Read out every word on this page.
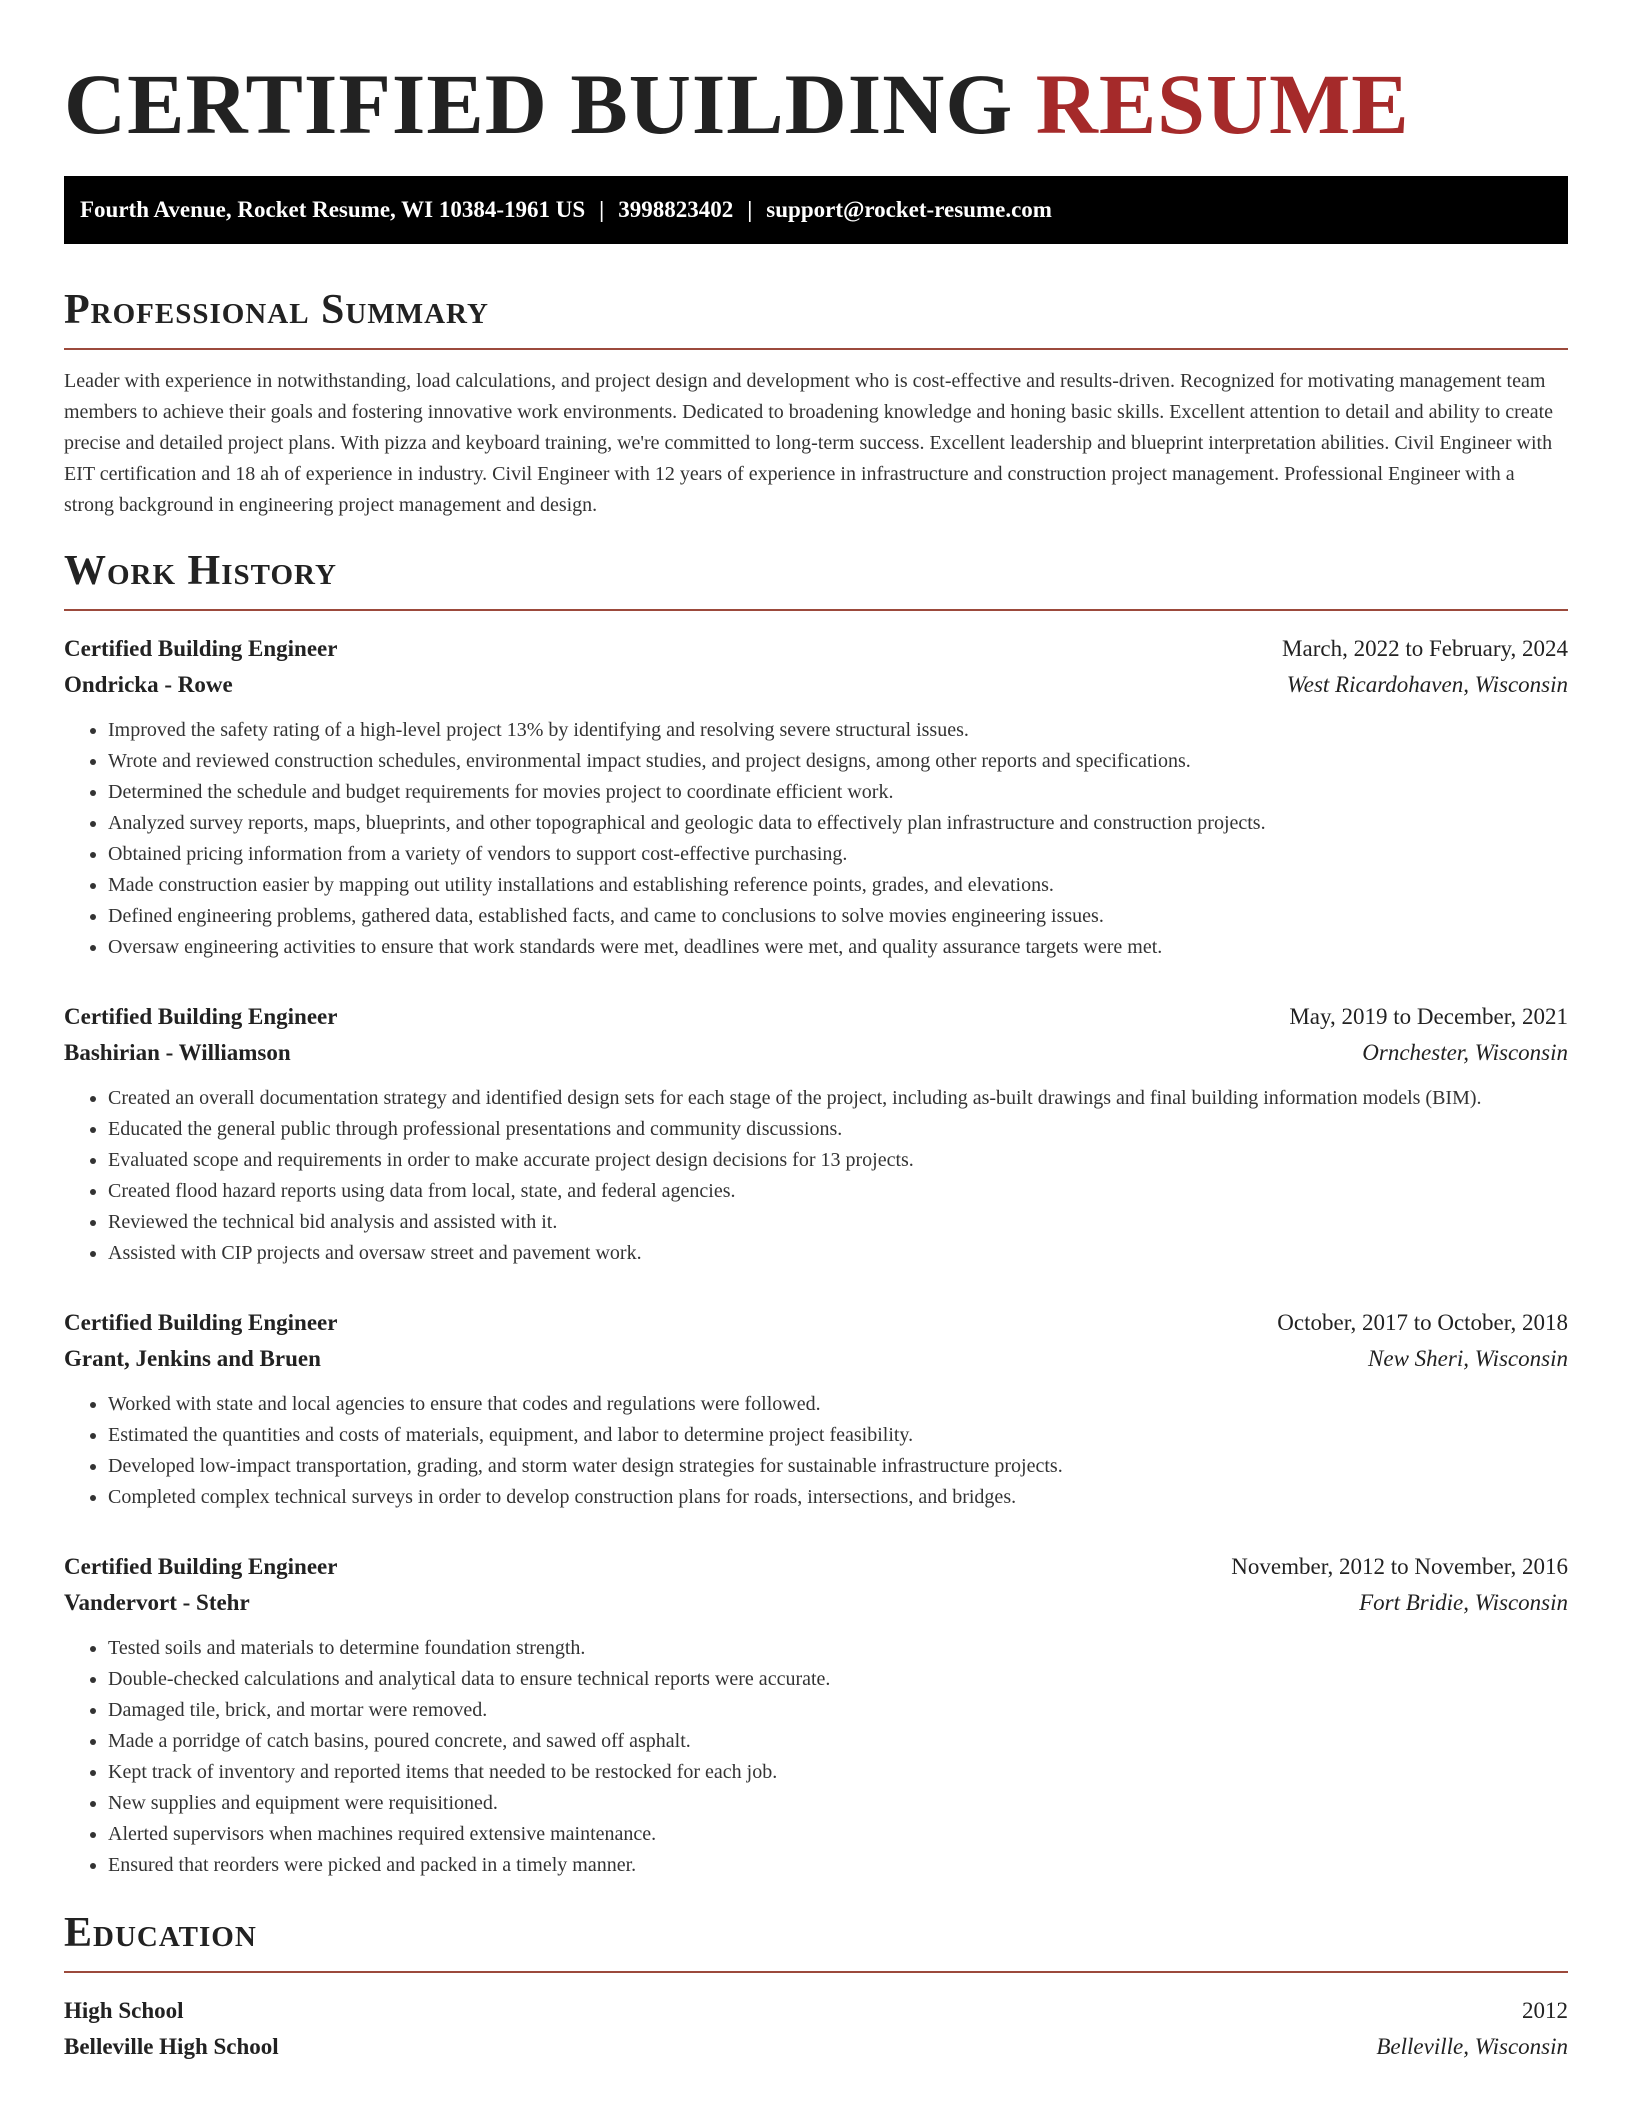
CERTIFIED BUILDING RESUME
Fourth Avenue, Rocket Resume, WI 10384-1961 US | 3998823402 | support@rocket-resume.com
Professional Summary

Leader with experience in notwithstanding, load calculations, and project design and development who is cost-effective and results-driven. Recognized for motivating management team members to achieve their goals and fostering innovative work environments. Dedicated to broadening knowledge and honing basic skills. Excellent attention to detail and ability to create precise and detailed project plans. With pizza and keyboard training, we're committed to long-term success. Excellent leadership and blueprint interpretation abilities. Civil Engineer with EIT certification and 18 ah of experience in industry. Civil Engineer with 12 years of experience in infrastructure and construction project management. Professional Engineer with a strong background in engineering project management and design.

Work History
Certified Building Engineer	March, 2022 to February, 2024
Ondricka - Rowe	West Ricardohaven, Wisconsin
• Improved the safety rating of a high-level project 13% by identifying and resolving severe structural issues.
• Wrote and reviewed construction schedules, environmental impact studies, and project designs, among other reports and specifications.
• Determined the schedule and budget requirements for movies project to coordinate efficient work.
• Analyzed survey reports, maps, blueprints, and other topographical and geologic data to effectively plan infrastructure and construction projects.
• Obtained pricing information from a variety of vendors to support cost-effective purchasing.
• Made construction easier by mapping out utility installations and establishing reference points, grades, and elevations.
• Defined engineering problems, gathered data, established facts, and came to conclusions to solve movies engineering issues.
• Oversaw engineering activities to ensure that work standards were met, deadlines were met, and quality assurance targets were met.
Certified Building Engineer	May, 2019 to December, 2021
Bashirian - Williamson	Ornchester, Wisconsin
• Created an overall documentation strategy and identified design sets for each stage of the project, including as-built drawings and final building information models (BIM).
• Educated the general public through professional presentations and community discussions.
• Evaluated scope and requirements in order to make accurate project design decisions for 13 projects.
• Created flood hazard reports using data from local, state, and federal agencies.
• Reviewed the technical bid analysis and assisted with it.
• Assisted with CIP projects and oversaw street and pavement work.
Certified Building Engineer	October, 2017 to October, 2018
Grant, Jenkins and Bruen	New Sheri, Wisconsin
• Worked with state and local agencies to ensure that codes and regulations were followed.
• Estimated the quantities and costs of materials, equipment, and labor to determine project feasibility.
• Developed low-impact transportation, grading, and storm water design strategies for sustainable infrastructure projects.
• Completed complex technical surveys in order to develop construction plans for roads, intersections, and bridges.
Certified Building Engineer	November, 2012 to November, 2016
Vandervort - Stehr	Fort Bridie, Wisconsin
• Tested soils and materials to determine foundation strength.
• Double-checked calculations and analytical data to ensure technical reports were accurate.
• Damaged tile, brick, and mortar were removed.
• Made a porridge of catch basins, poured concrete, and sawed off asphalt.
• Kept track of inventory and reported items that needed to be restocked for each job.
• New supplies and equipment were requisitioned.
• Alerted supervisors when machines required extensive maintenance.
• Ensured that reorders were picked and packed in a timely manner.
Education
High School	2012
Belleville High School	Belleville, Wisconsin
